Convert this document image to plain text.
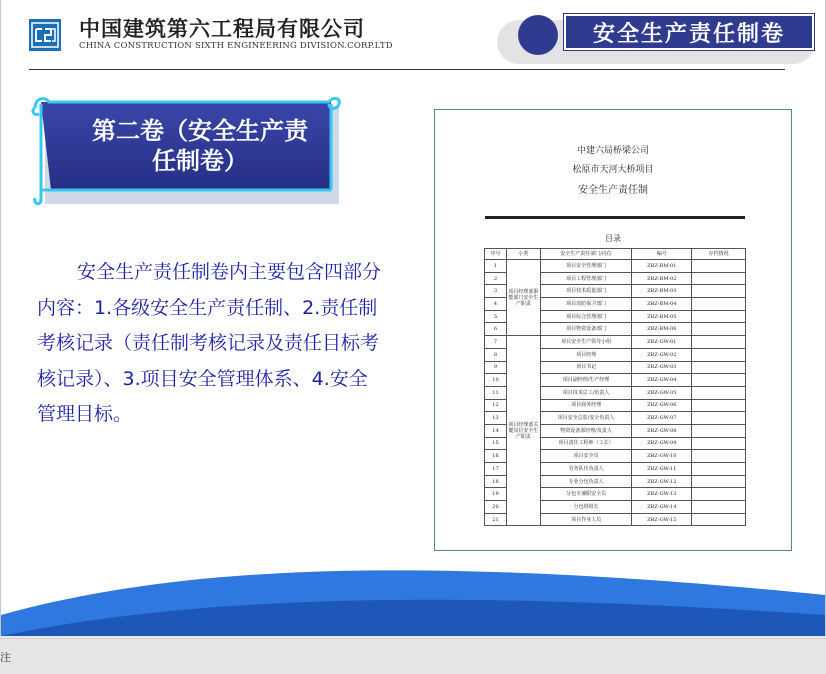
中国建筑第六工程局有限公司
CHINA CONSTRUCTION SIXTH ENGINEERING DIVISION.CORP.LTD	安全生产责任制卷
第二卷（安全生产责
任制卷）
安全生产责任制卷内主要包含四部分内容：1.各级安全生产责任制、2.责任制考核记录（责任制考核记录及责任目标考核记录）、3.项目安全管理体系、4.安全管理目标。
中建六局桥梁公司
松原市天河大桥项目
安全生产责任制
目录
序号	小类	安全生产责任部门/岗位	编号	存档情况
1	项目经理部职能部门安全生产职责	项目安全管理部门	ZRZ-BM-01	
2		项目工程管理部门	ZRZ-BM-02	
3		项目技术质量部门	ZRZ-BM-03	
4		项目消防保卫部门	ZRZ-BM-04	
5		项目综合管理部门	ZRZ-BM-05	
6		项目物资设备部门	ZRZ-BM-06	
7	项目经理部关键岗位安全生产职责	项目安全生产领导小组	ZRZ-GW-01	
8		项目经理	ZRZ-GW-02	
9		项目书记	ZRZ-GW-03	
10		项目副经理/生产经理	ZRZ-GW-04	
11		项目技术总工/负责人	ZRZ-GW-05	
12		项目商务经理	ZRZ-GW-06	
13		项目安全总监/安全负责人	ZRZ-GW-07	
14		物资设备部经理/负责人	ZRZ-GW-08	
15		项目责任工程师（工长）	ZRZ-GW-09	
16		项目安全员	ZRZ-GW-10	
17		劳务队伍负责人	ZRZ-GW-11	
18		专业分包负责人	ZRZ-GW-12	
19		分包专兼职安全员	ZRZ-GW-13	
20		分包班组长	ZRZ-GW-14	
21		项目作业人员	ZRZ-GW-15	
注
